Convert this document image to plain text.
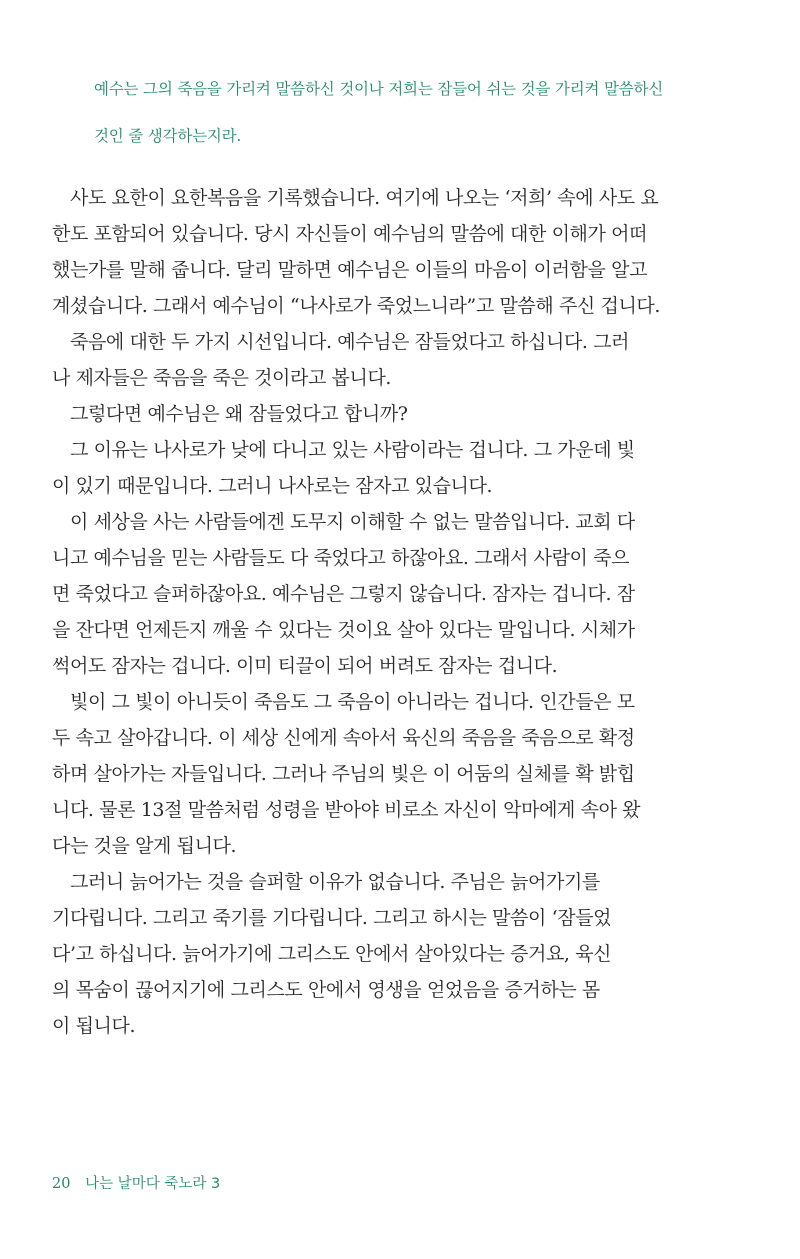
예수는 그의 죽음을 가리켜 말씀하신 것이나 저희는 잠들어 쉬는 것을 가리켜 말씀하신

것인 줄 생각하는지라.

사도 요한이 요한복음을 기록했습니다. 여기에 나오는 ‘저희’ 속에 사도 요
한도 포함되어 있습니다. 당시 자신들이 예수님의 말씀에 대한 이해가 어떠
했는가를 말해 줍니다. 달리 말하면 예수님은 이들의 마음이 이러함을 알고
계셨습니다. 그래서 예수님이 “나사로가 죽었느니라”고 말씀해 주신 겁니다.
죽음에 대한 두 가지 시선입니다. 예수님은 잠들었다고 하십니다. 그러
나 제자들은 죽음을 죽은 것이라고 봅니다.
그렇다면 예수님은 왜 잠들었다고 합니까?
그 이유는 나사로가 낮에 다니고 있는 사람이라는 겁니다. 그 가운데 빛
이 있기 때문입니다. 그러니 나사로는 잠자고 있습니다.
이 세상을 사는 사람들에겐 도무지 이해할 수 없는 말씀입니다. 교회 다
니고 예수님을 믿는 사람들도 다 죽었다고 하잖아요. 그래서 사람이 죽으
면 죽었다고 슬퍼하잖아요. 예수님은 그렇지 않습니다. 잠자는 겁니다. 잠
을 잔다면 언제든지 깨울 수 있다는 것이요 살아 있다는 말입니다. 시체가
썩어도 잠자는 겁니다. 이미 티끌이 되어 버려도 잠자는 겁니다.
빛이 그 빛이 아니듯이 죽음도 그 죽음이 아니라는 겁니다. 인간들은 모
두 속고 살아갑니다. 이 세상 신에게 속아서 육신의 죽음을 죽음으로 확정
하며 살아가는 자들입니다. 그러나 주님의 빛은 이 어둠의 실체를 확 밝힙
니다. 물론 13절 말씀처럼 성령을 받아야 비로소 자신이 악마에게 속아 왔
다는 것을 알게 됩니다.
그러니 늙어가는 것을 슬퍼할 이유가 없습니다. 주님은 늙어가기를
기다립니다. 그리고 죽기를 기다립니다. 그리고 하시는 말씀이 ‘잠들었
다’고 하십니다. 늙어가기에 그리스도 안에서 살아있다는 증거요, 육신
의 목숨이 끊어지기에 그리스도 안에서 영생을 얻었음을 증거하는 몸
이 됩니다.
20 나는 날마다 죽노라 3
